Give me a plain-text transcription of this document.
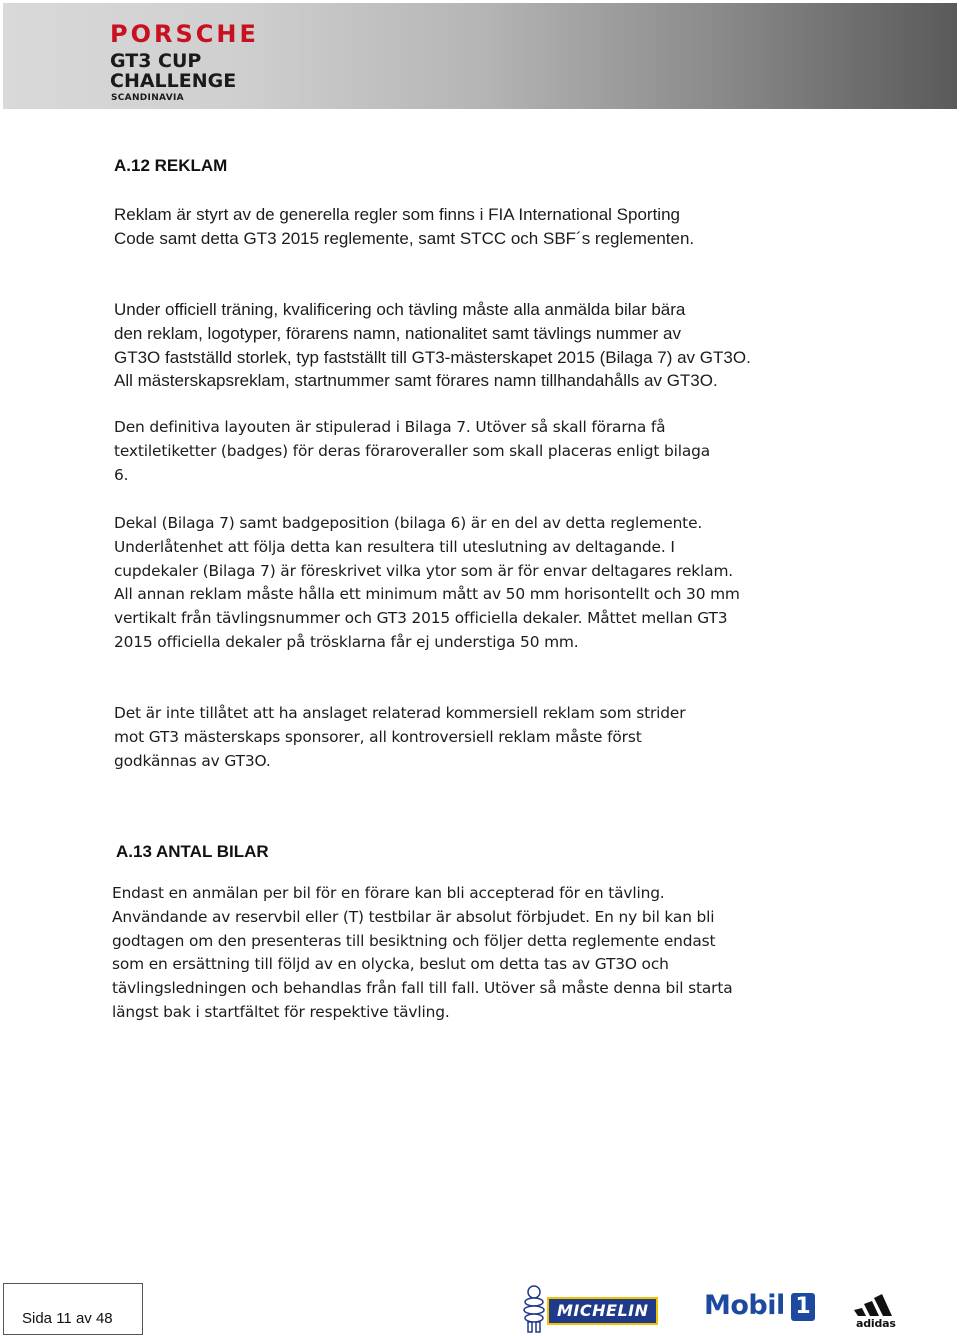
PORSCHE
GT3 CUP
CHALLENGE
SCANDINAVIA
A.12 REKLAM

Reklam är styrt av de generella regler som finns i FIA International Sporting
Code samt detta GT3 2015 reglemente, samt STCC och SBF´s reglementen.

Under officiell träning, kvalificering och tävling måste alla anmälda bilar bära
den reklam, logotyper, förarens namn, nationalitet samt tävlings nummer av
GT3O fastställd storlek, typ fastställt till GT3-mästerskapet 2015 (Bilaga 7) av GT3O.
All mästerskapsreklam, startnummer samt förares namn tillhandahålls av GT3O.

Den definitiva layouten är stipulerad i Bilaga 7. Utöver så skall förarna få
textiletiketter (badges) för deras föraroveraller som skall placeras enligt bilaga
6.

Dekal (Bilaga 7) samt badgeposition (bilaga 6) är en del av detta reglemente.
Underlåtenhet att följa detta kan resultera till uteslutning av deltagande. I
cupdekaler (Bilaga 7) är föreskrivet vilka ytor som är för envar deltagares reklam.
All annan reklam måste hålla ett minimum mått av 50 mm horisontellt och 30 mm
vertikalt från tävlingsnummer och GT3 2015 officiella dekaler. Måttet mellan GT3
2015 officiella dekaler på trösklarna får ej understiga 50 mm.

Det är inte tillåtet att ha anslaget relaterad kommersiell reklam som strider
mot GT3 mästerskaps sponsorer, all kontroversiell reklam måste först
godkännas av GT3O.

A.13 ANTAL BILAR

Endast en anmälan per bil för en förare kan bli accepterad för en tävling.
Användande av reservbil eller (T) testbilar är absolut förbjudet. En ny bil kan bli
godtagen om den presenteras till besiktning och följer detta reglemente endast
som en ersättning till följd av en olycka, beslut om detta tas av GT3O och
tävlingsledningen och behandlas från fall till fall. Utöver så måste denna bil starta
längst bak i startfältet för respektive tävling.

Sida 11 av 48	MICHELIN	Mobil 1
adidas
